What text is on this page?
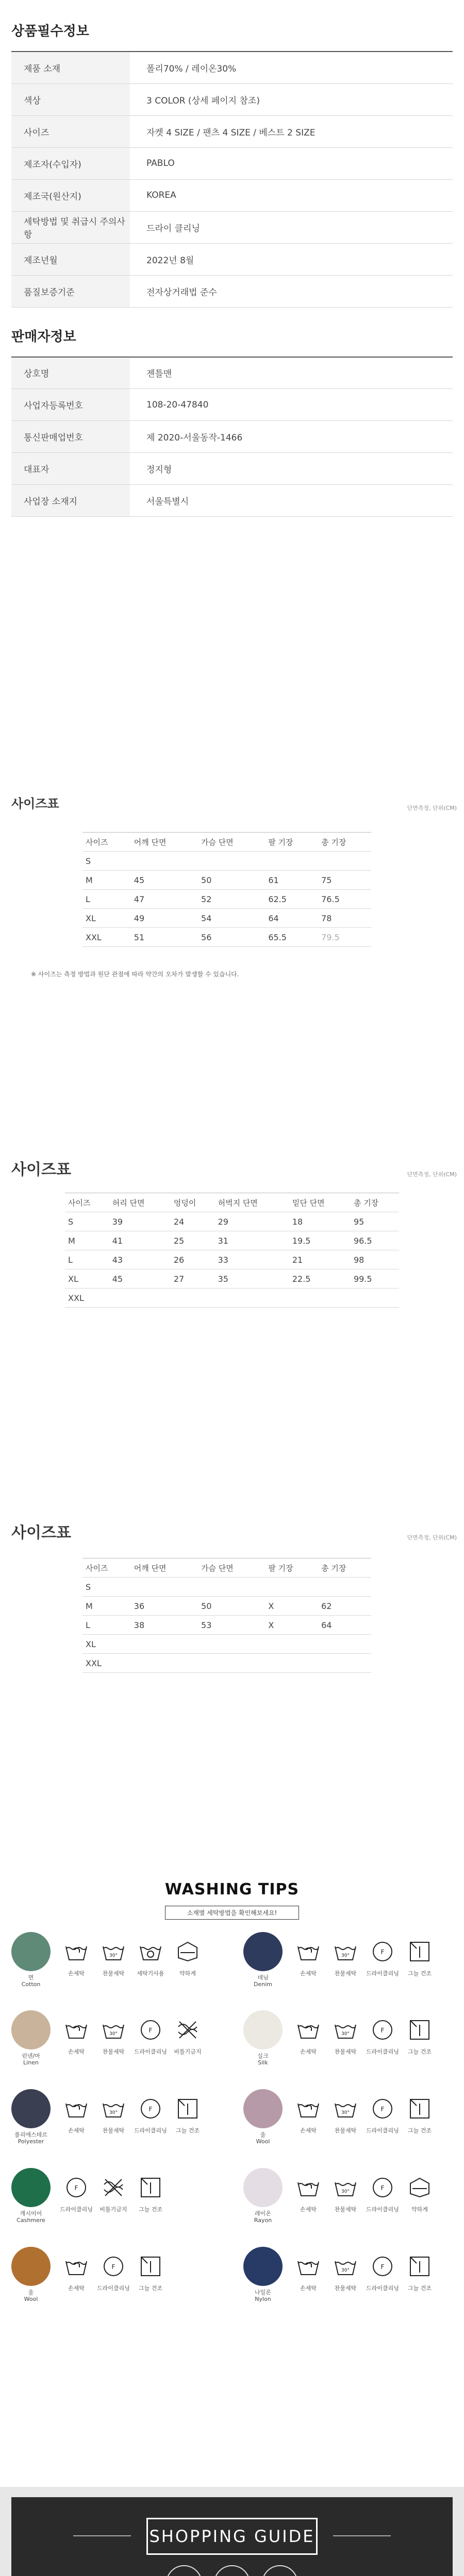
상품필수정보
제품 소재	폴리70% / 레이온30%
색상	3 COLOR (상세 페이지 참조)
사이즈	자켓 4 SIZE / 팬츠 4 SIZE / 베스트 2 SIZE
제조자(수입자)	PABLO
제조국(원산지)	KOREA
세탁방법 및 취급시 주의사항	드라이 클리닝
제조년월	2022년 8월
품질보증기준	전자상거래법 준수
판매자정보
상호명	젠틀맨
사업자등록번호	108-20-47840
통신판매업번호	제 2020-서울동작-1466
대표자	정지형
사업장 소재지	서울특별시
사이즈표	단면측정, 단위(CM)
사이즈	어깨 단면	가슴 단면	팔 기장	총 기장
S				
M	45	50	61	75
L	47	52	62.5	76.5
XL	49	54	64	78
XXL	51	56	65.5	79.5
※ 사이즈는 측정 방법과 원단 관점에 따라 약간의 오차가 발생할 수 있습니다.
사이즈표	단면측정, 단위(CM)
사이즈	허리 단면	엉덩이	허벅지 단면	밑단 단면	총 기장
S	39	24	29	18	95
M	41	25	31	19.5	96.5
L	43	26	33	21	98
XL	45	27	35	22.5	99.5
XXL					
사이즈표	단면측정, 단위(CM)
사이즈	어깨 단면	가슴 단면	팔 기장	총 기장
S				
M	36	50	X	62
L	38	53	X	64
XL				
XXL				
WASHING TIPS
소재별 세탁방법을 확인해보세요!
면
Cotton
손세탁
30°
찬물세탁	세탁기사용	약하게
데님
Denim
손세탁
30°
찬물세탁
F
드라이클리닝	그늘 건조
린넨/마
Linen
손세탁
30°
찬물세탁
F
드라이클리닝	비틀기금지
실크
Silk
손세탁
30°
찬물세탁
F
드라이클리닝	그늘 건조
폴리에스테르
Polyester
손세탁
30°
찬물세탁
F
드라이클리닝	그늘 건조
울
Wool
손세탁
30°
찬물세탁
F
드라이클리닝	그늘 건조
캐시미어
Cashmere
F
드라이클리닝	비틀기금지	그늘 건조
레이온
Rayon
손세탁
30°
찬물세탁
F
드라이클리닝	약하게
울
Wool
손세탁
F
드라이클리닝	그늘 건조
나일론
Nylon
손세탁
30°
찬물세탁
F
드라이클리닝	그늘 건조
SHOPPING GUIDE
